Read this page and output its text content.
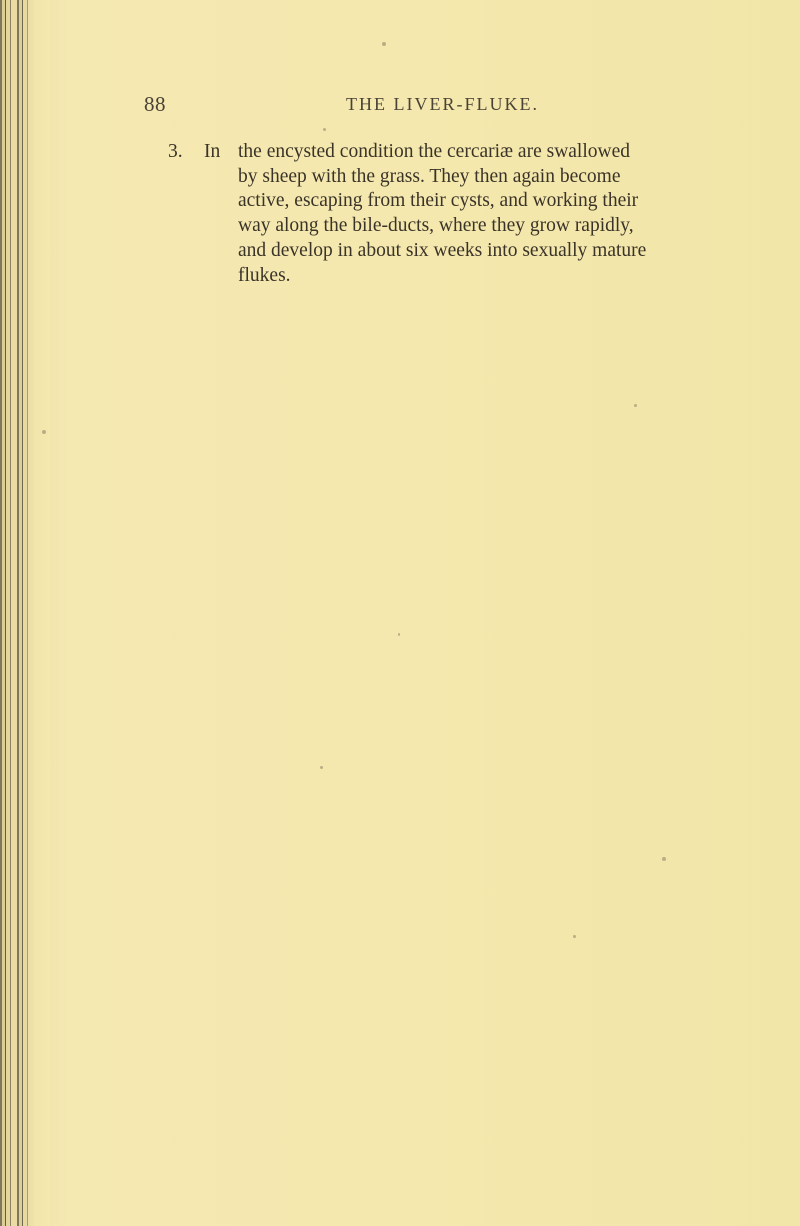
88	THE LIVER-FLUKE.
3. In the encysted condition the cercariæ are swallowed
by sheep with the grass. They then again become
active, escaping from their cysts, and working their
way along the bile-ducts, where they grow rapidly,
and develop in about six weeks into sexually mature
flukes.
